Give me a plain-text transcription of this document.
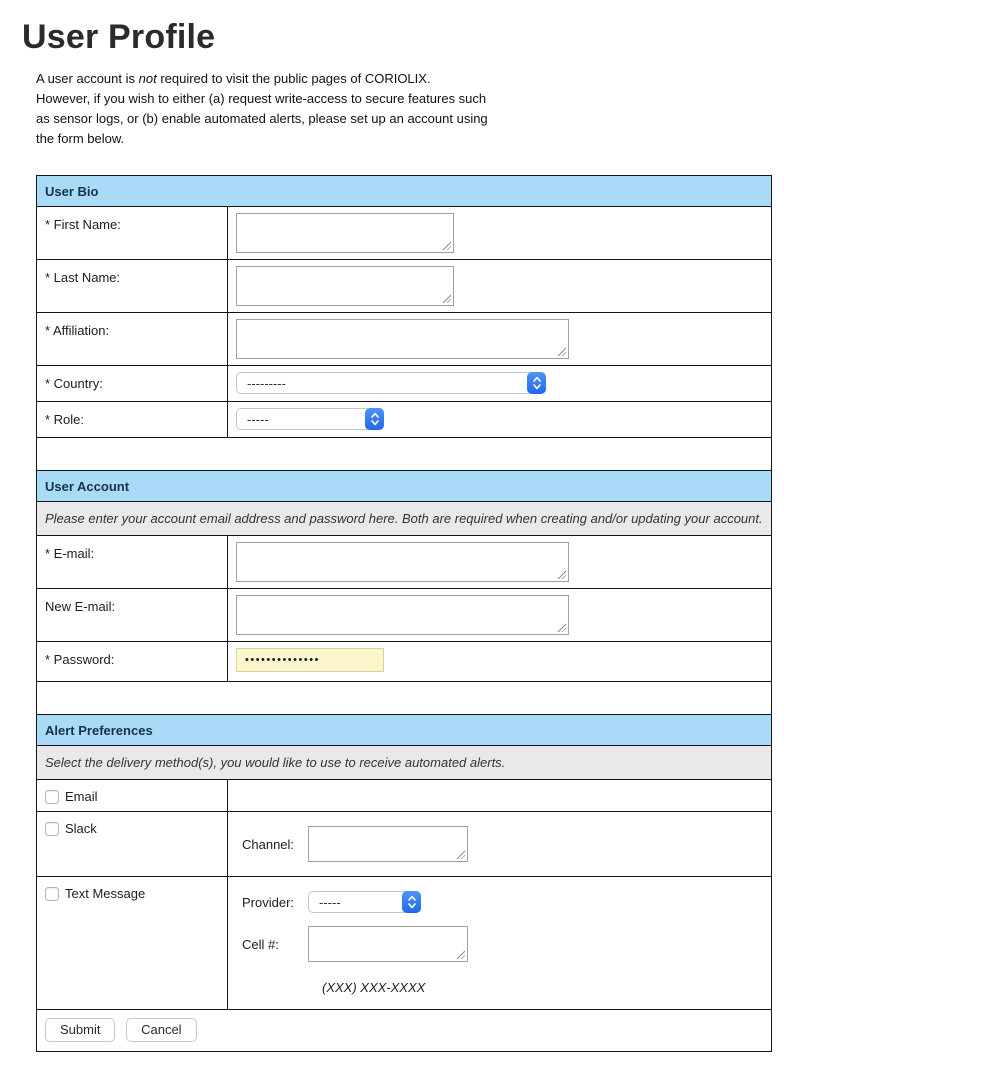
User Profile

A user account is not required to visit the public pages of CORIOLIX. However, if you wish to either (a) request write-access to secure features such as sensor logs, or (b) enable automated alerts, please set up an account using the form below.

User Bio	
* First Name:	

* Last Name:	

* Affiliation:	

* Country:	---------

* Role:	-----

User Account	
Please enter your account email address and password here. Both are required when creating and/or updating your account.	
* E-mail:	

New E-mail:	

* Password:	••••••••••••••

Alert Preferences	
Select the delivery method(s), you would like to use to receive automated alerts.	
Email	
Slack	Channel:

Text Message	Provider: -----
Cell #:
(XXX) XXX-XXXX

Submit Cancel	
